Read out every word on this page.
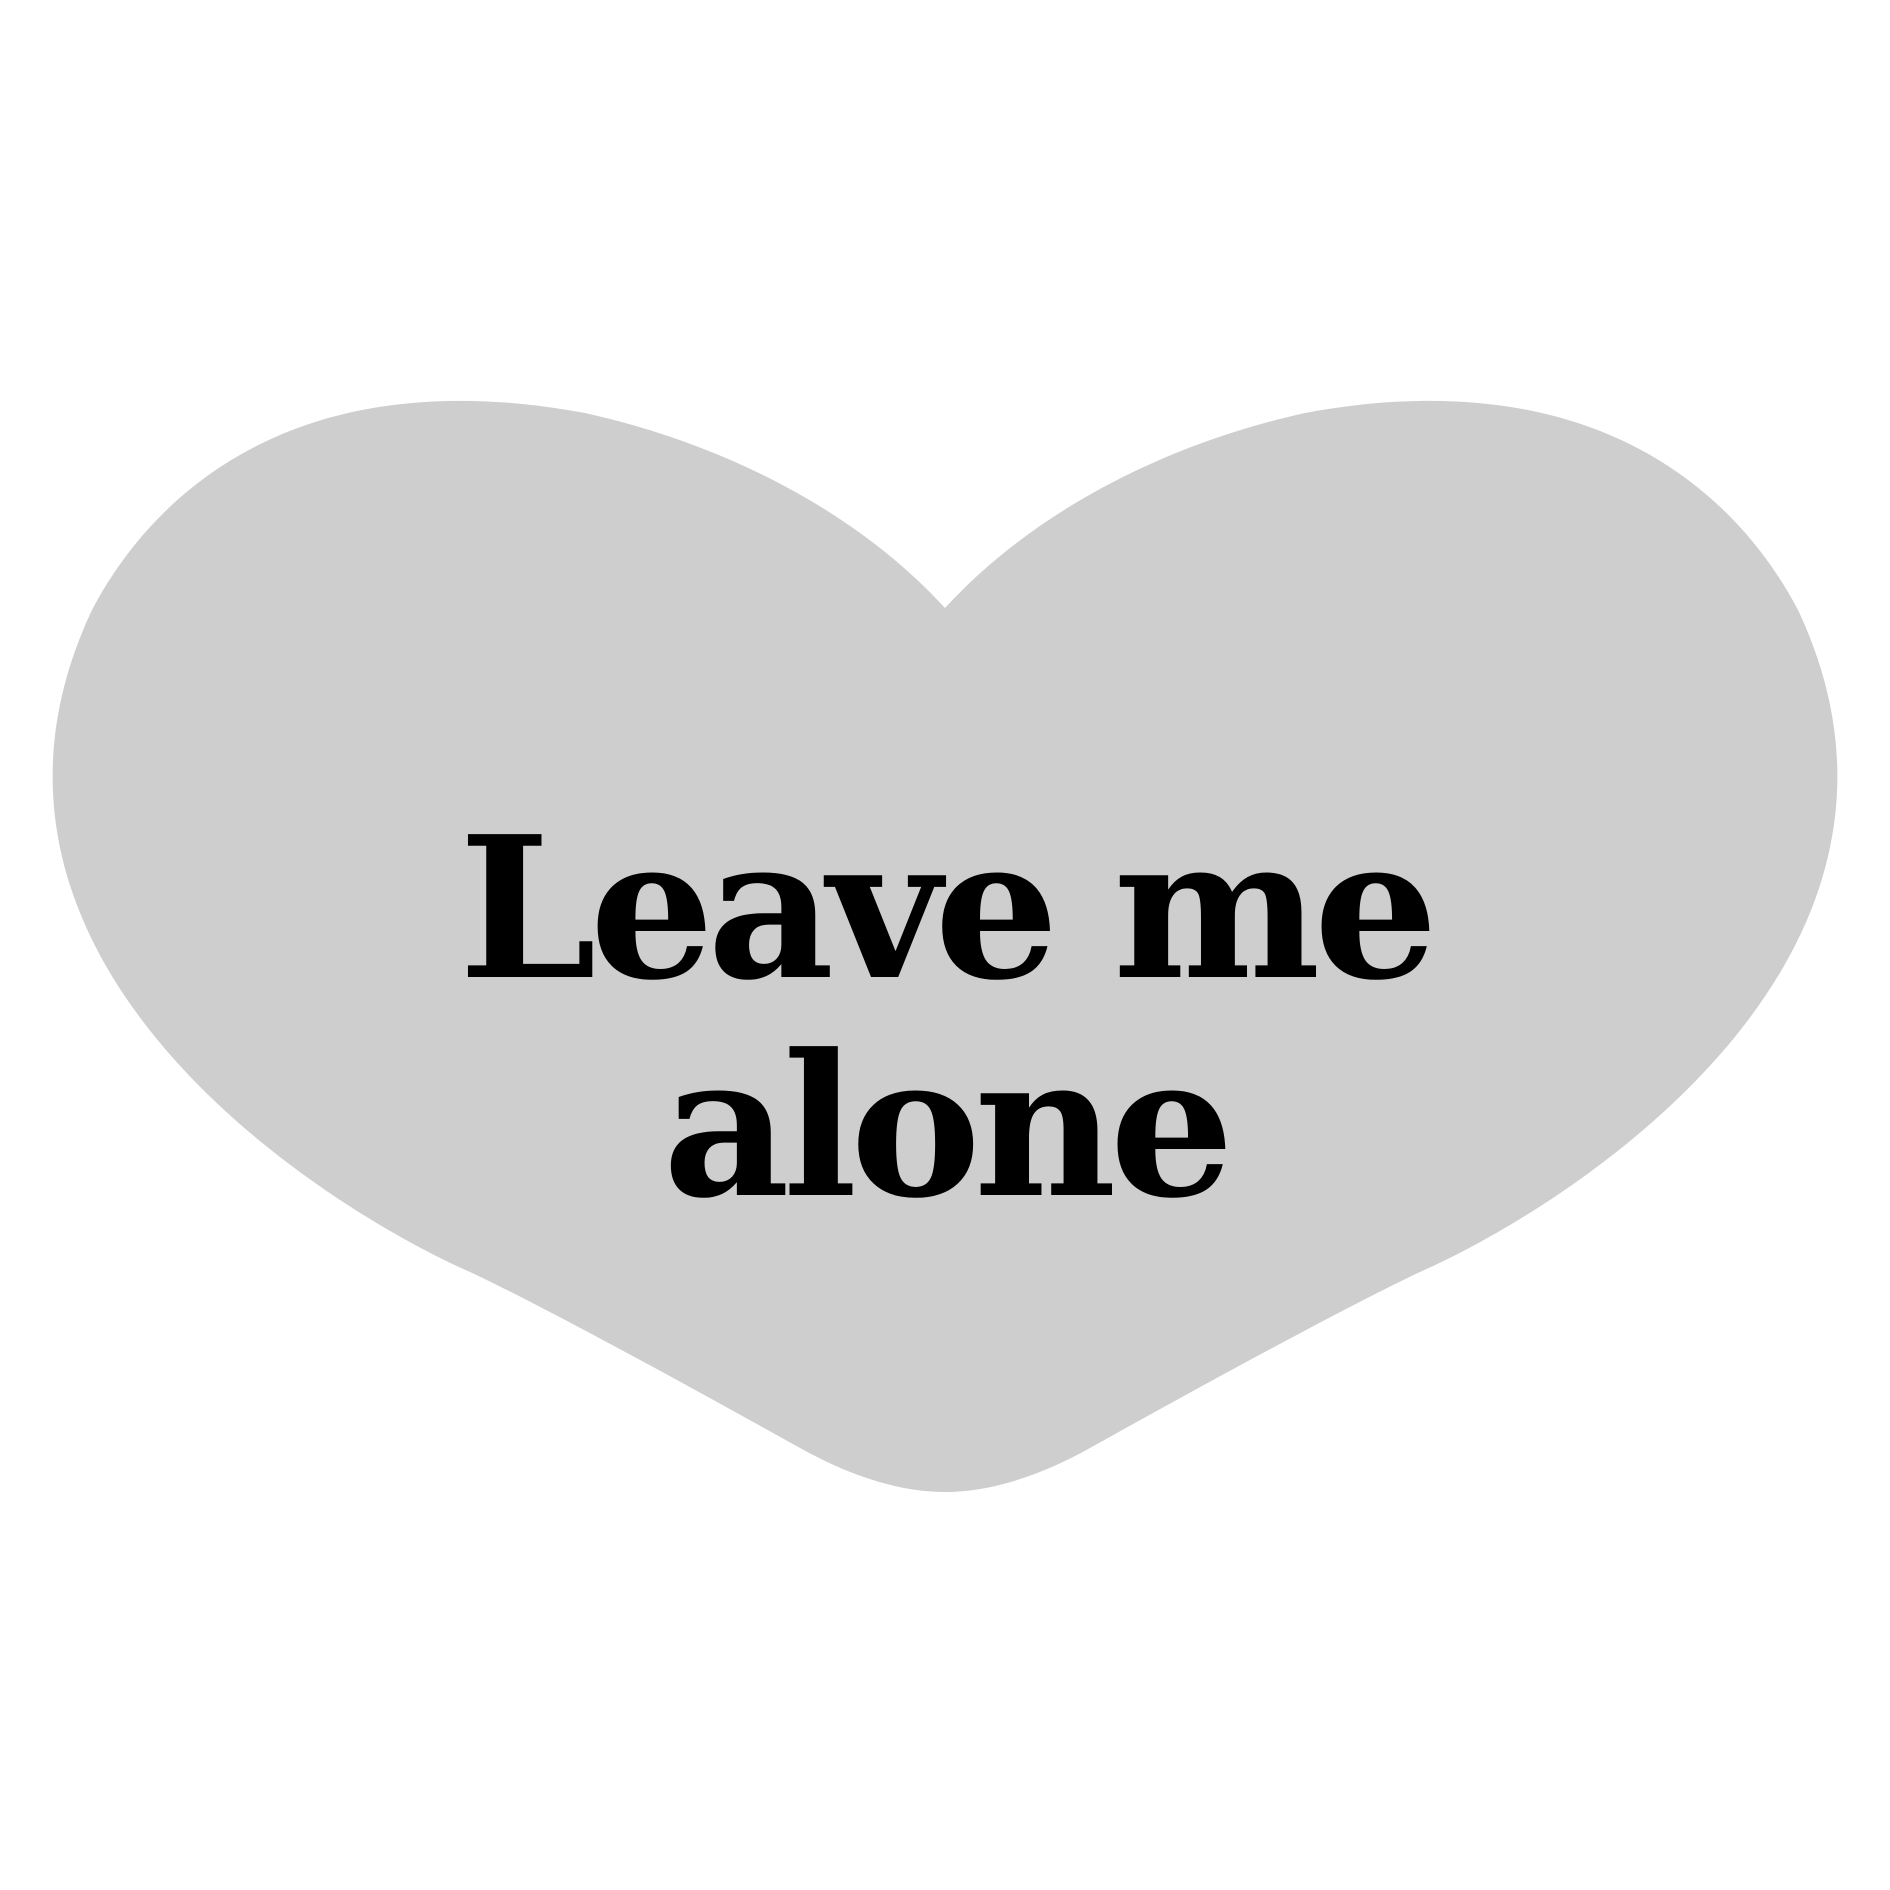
Leave me
alone
